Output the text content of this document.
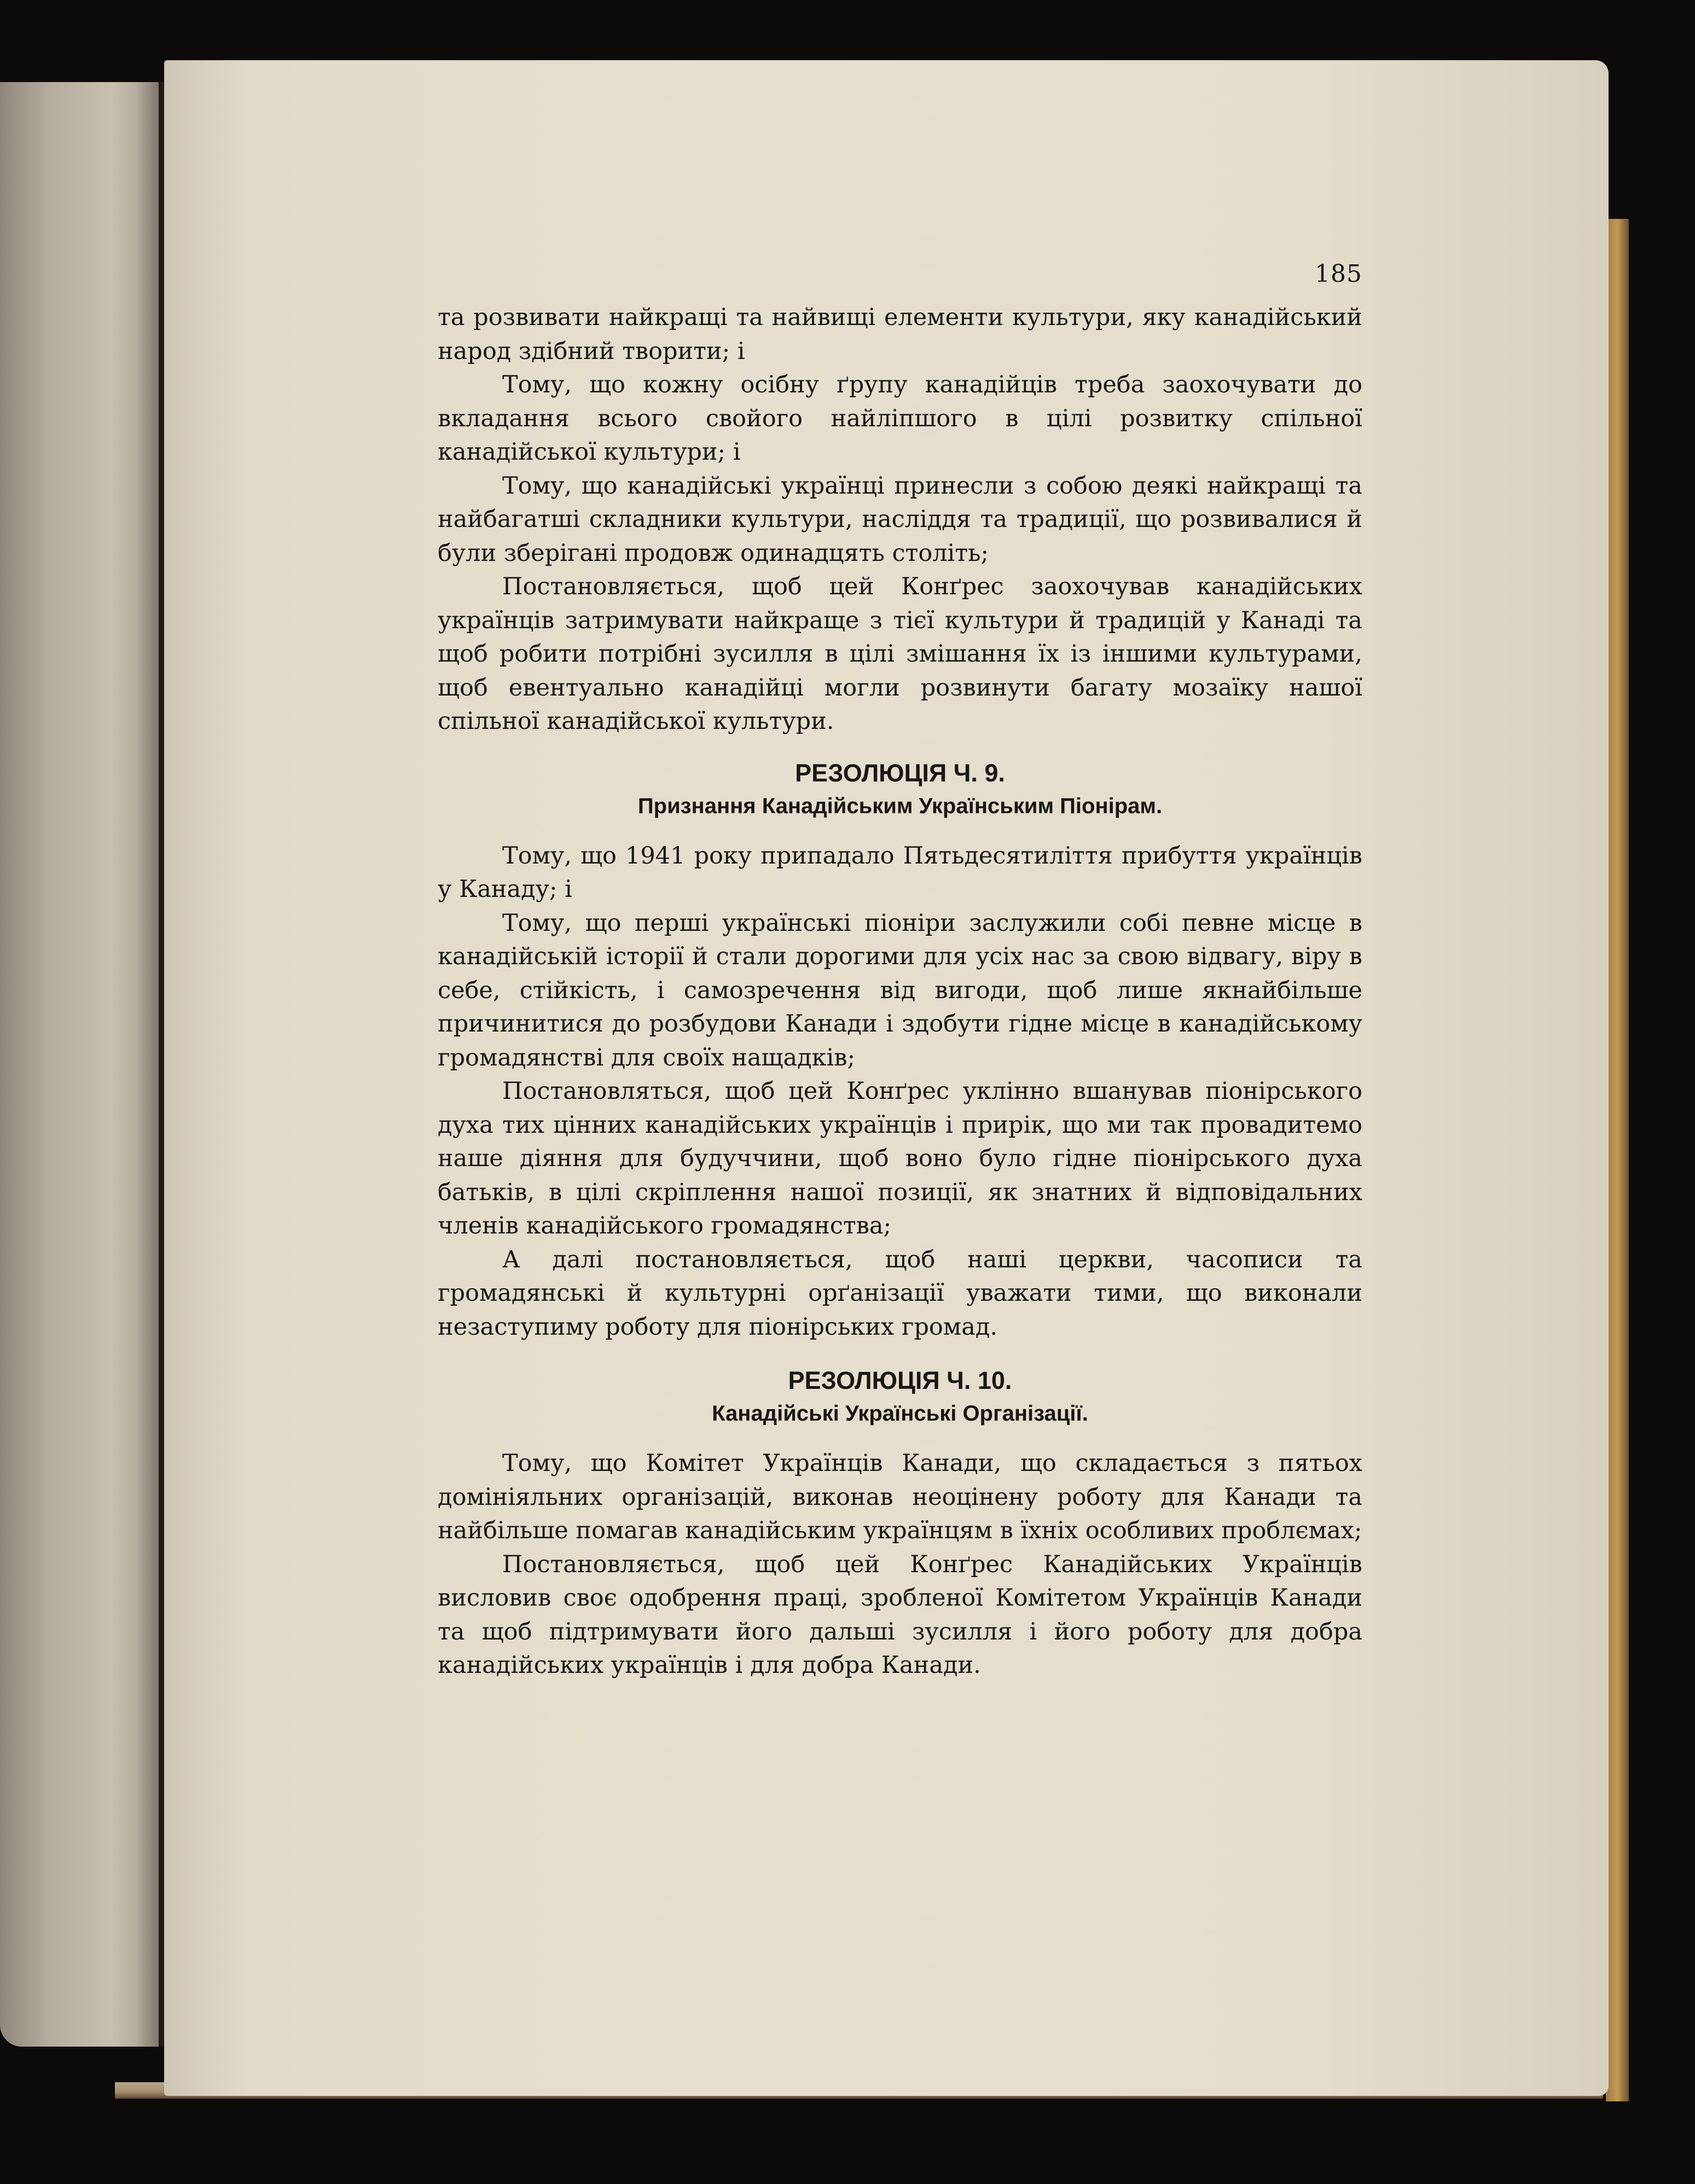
185

та розвивати найкращі та найвищі елементи культури, яку канадійський народ здібний творити; і

Тому, що кожну осібну ґрупу канадійців треба заохочувати до вкладання всього свойого найліпшого в цілі розвитку спільної канадійської культури; і

Тому, що канадійські українці принесли з собою деякі найкращі та найбагатші складники культури, наслiддя та традиції, що розвивалися й були зберігані продовж одинадцять століть;

Постановляється, щоб цей Конґрес заохочував канадійських українців затримувати найкраще з тієї культури й традицій у Канаді та щоб робити потрібні зусилля в цілі змішання їх із іншими культурами, щоб евентуально канадійці могли розвинути багату мозаїку нашої спільної канадійської культури.

РЕЗОЛЮЦІЯ Ч. 9.
Признання Канадійським Українським Піонірам.

Тому, що 1941 року припадало Пятьдесятиліття прибуття українців у Канаду; і

Тому, що перші українські піоніри заслужили собі певне місце в канадійській історії й стали дорогими для усіх нас за свою відвагу, віру в себе, стійкість, і самозречення від вигоди, щоб лише якнайбільше причинитися до розбудови Канади і здобути гідне місце в канадійському громадянстві для своїх нащадків;

Постановляться, щоб цей Конґрес уклінно вшанував піонірського духа тих цінних канадійських українців і прирік, що ми так провадитемо наше діяння для будуччини, щоб воно було гідне піонірського духа батьків, в цілі скріплення нашої позиції, як знатних й відповідальних членів канадійського громадянства;

А далі постановляється, щоб наші церкви, часописи та громадянські й культурні орґанізації уважати тими, що виконали незаступиму роботу для піонірських громад.

РЕЗОЛЮЦІЯ Ч. 10.
Канадійські Українські Організації.

Тому, що Комітет Українців Канади, що складається з пятьох домініяльних організацій, виконав неоцінену роботу для Канади та найбільше помагав канадійським українцям в їхніх особливих проблємах;

Постановляється, щоб цей Конґрес Канадійських Українців висловив своє одобрення праці, зробленої Комітетом Українців Канади та щоб підтримувати його дальші зусилля і його роботу для добра канадійських українців і для добра Канади.
